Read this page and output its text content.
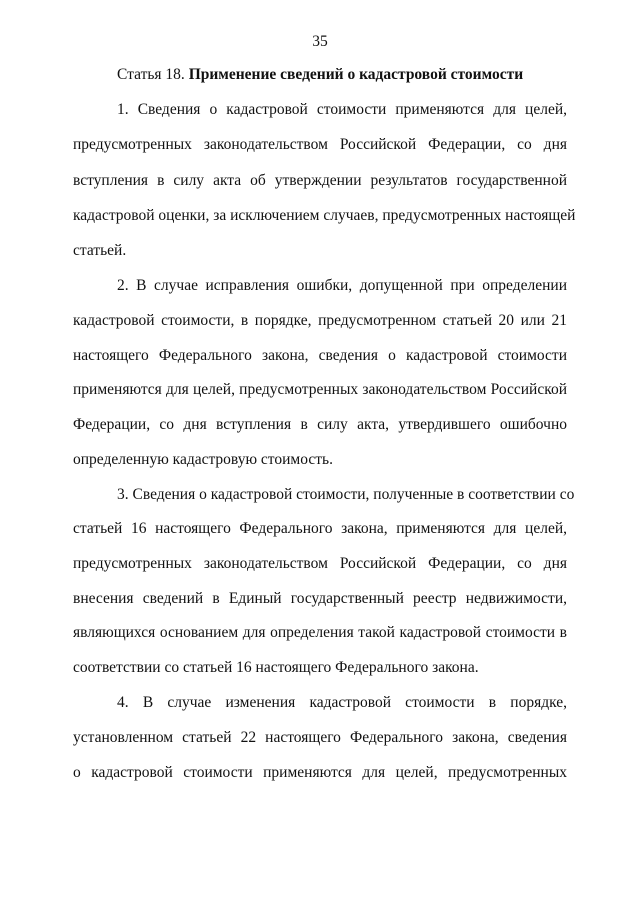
35
Статья 18. Применение сведений о кадастровой стоимости
1. Сведения о кадастровой стоимости применяются для целей,
предусмотренных законодательством Российской Федерации, со дня
вступления в силу акта об утверждении результатов государственной
кадастровой оценки, за исключением случаев, предусмотренных настоящей
статьей.
2. В случае исправления ошибки, допущенной при определении
кадастровой стоимости, в порядке, предусмотренном статьей 20 или 21
настоящего Федерального закона, сведения о кадастровой стоимости
применяются для целей, предусмотренных законодательством Российской
Федерации, со дня вступления в силу акта, утвердившего ошибочно
определенную кадастровую стоимость.
3. Сведения о кадастровой стоимости, полученные в соответствии со
статьей 16 настоящего Федерального закона, применяются для целей,
предусмотренных законодательством Российской Федерации, со дня
внесения сведений в Единый государственный реестр недвижимости,
являющихся основанием для определения такой кадастровой стоимости в
соответствии со статьей 16 настоящего Федерального закона.
4. В случае изменения кадастровой стоимости в порядке,
установленном статьей 22 настоящего Федерального закона, сведения
о кадастровой стоимости применяются для целей, предусмотренных
